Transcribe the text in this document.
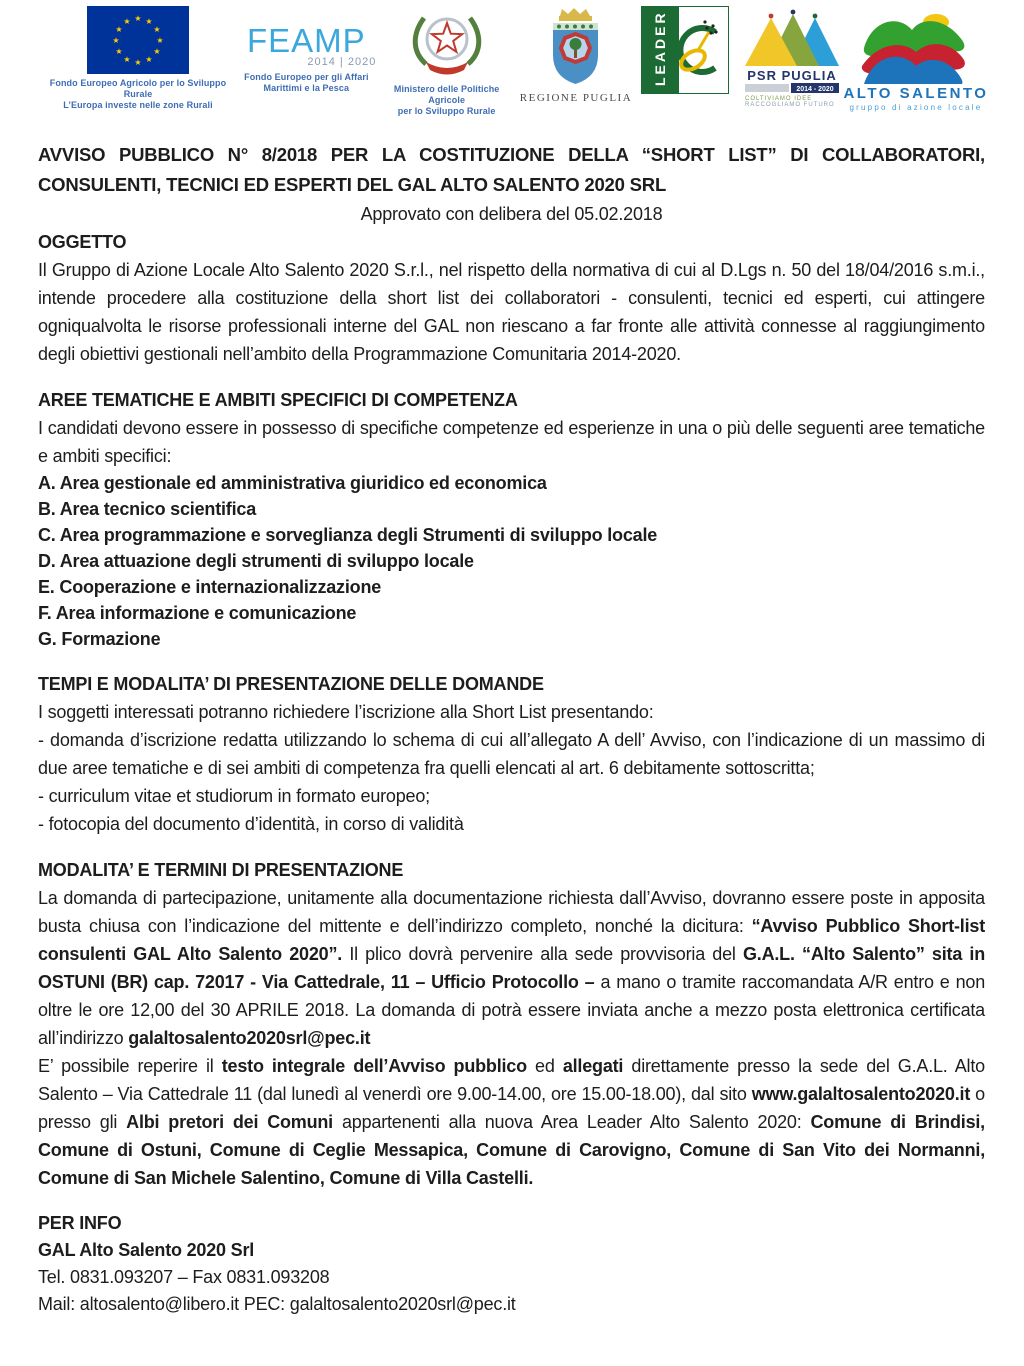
★
★
★
★
★
★
★
★
★ ★ ★
★
Fondo Europeo Agricolo per lo Sviluppo Rurale
L’Europa investe nelle zone Rurali
FEAMP
2014 | 2020
Fondo Europeo per gli Affari
Marittimi e la Pesca	Ministero delle Politiche Agricole
per lo Sviluppo Rurale
REGIONE PUGLIA
LEADER	PSR PUGLIA
2014 - 2020
COLTIVIAMO IDEE
RACCOGLIAMO FUTURO
ALTO SALENTO
gruppo di azione locale

AVVISO PUBBLICO N° 8/2018 PER LA COSTITUZIONE DELLA “SHORT LIST” DI COLLABORATORI, CONSULENTI, TECNICI ED ESPERTI DEL GAL ALTO SALENTO 2020 SRL

Approvato con delibera del 05.02.2018

OGGETTO

Il Gruppo di Azione Locale Alto Salento 2020 S.r.l., nel rispetto della normativa di cui al D.Lgs n. 50 del 18/04/2016 s.m.i., intende procedere alla costituzione della short list dei collaboratori - consulenti, tecnici ed esperti, cui attingere ogniqualvolta le risorse professionali interne del GAL non riescano a far fronte alle attività connesse al raggiungimento degli obiettivi gestionali nell’ambito della Programmazione Comunitaria 2014-2020.

AREE TEMATICHE E AMBITI SPECIFICI DI COMPETENZA

I candidati devono essere in possesso di specifiche competenze ed esperienze in una o più delle seguenti aree tematiche e ambiti specifici:

A. Area gestionale ed amministrativa giuridico ed economica
B. Area tecnico scientifica
C. Area programmazione e sorveglianza degli Strumenti di sviluppo locale
D. Area attuazione degli strumenti di sviluppo locale
E. Cooperazione e internazionalizzazione
F. Area informazione e comunicazione
G. Formazione

TEMPI E MODALITA’ DI PRESENTAZIONE DELLE DOMANDE

I soggetti interessati potranno richiedere l’iscrizione alla Short List presentando:

- domanda d’iscrizione redatta utilizzando lo schema di cui all’allegato A dell’ Avviso, con l’indicazione di un massimo di due aree tematiche e di sei ambiti di competenza fra quelli elencati al art. 6 debitamente sottoscritta;

- curriculum vitae et studiorum in formato europeo;

- fotocopia del documento d’identità, in corso di validità

MODALITA’ E TERMINI DI PRESENTAZIONE

La domanda di partecipazione, unitamente alla documentazione richiesta dall’Avviso, dovranno essere poste in apposita busta chiusa con l’indicazione del mittente e dell’indirizzo completo, nonché la dicitura: “Avviso Pubblico Short-list consulenti GAL Alto Salento 2020”. Il plico dovrà pervenire alla sede provvisoria del G.A.L. “Alto Salento” sita in OSTUNI (BR) cap. 72017 - Via Cattedrale, 11 – Ufficio Protocollo – a mano o tramite raccomandata A/R entro e non oltre le ore 12,00 del 30 APRILE 2018. La domanda di potrà essere inviata anche a mezzo posta elettronica certificata all’indirizzo galaltosalento2020srl@pec.it

E’ possibile reperire il testo integrale dell’Avviso pubblico ed allegati direttamente presso la sede del G.A.L. Alto Salento – Via Cattedrale 11 (dal lunedì al venerdì ore 9.00-14.00, ore 15.00-18.00), dal sito www.galaltosalento2020.it o presso gli Albi pretori dei Comuni appartenenti alla nuova Area Leader Alto Salento 2020: Comune di Brindisi, Comune di Ostuni, Comune di Ceglie Messapica, Comune di Carovigno, Comune di San Vito dei Normanni, Comune di San Michele Salentino, Comune di Villa Castelli.

PER INFO

GAL Alto Salento 2020 Srl

Tel. 0831.093207 – Fax 0831.093208

Mail: altosalento@libero.it PEC: galaltosalento2020srl@pec.it
